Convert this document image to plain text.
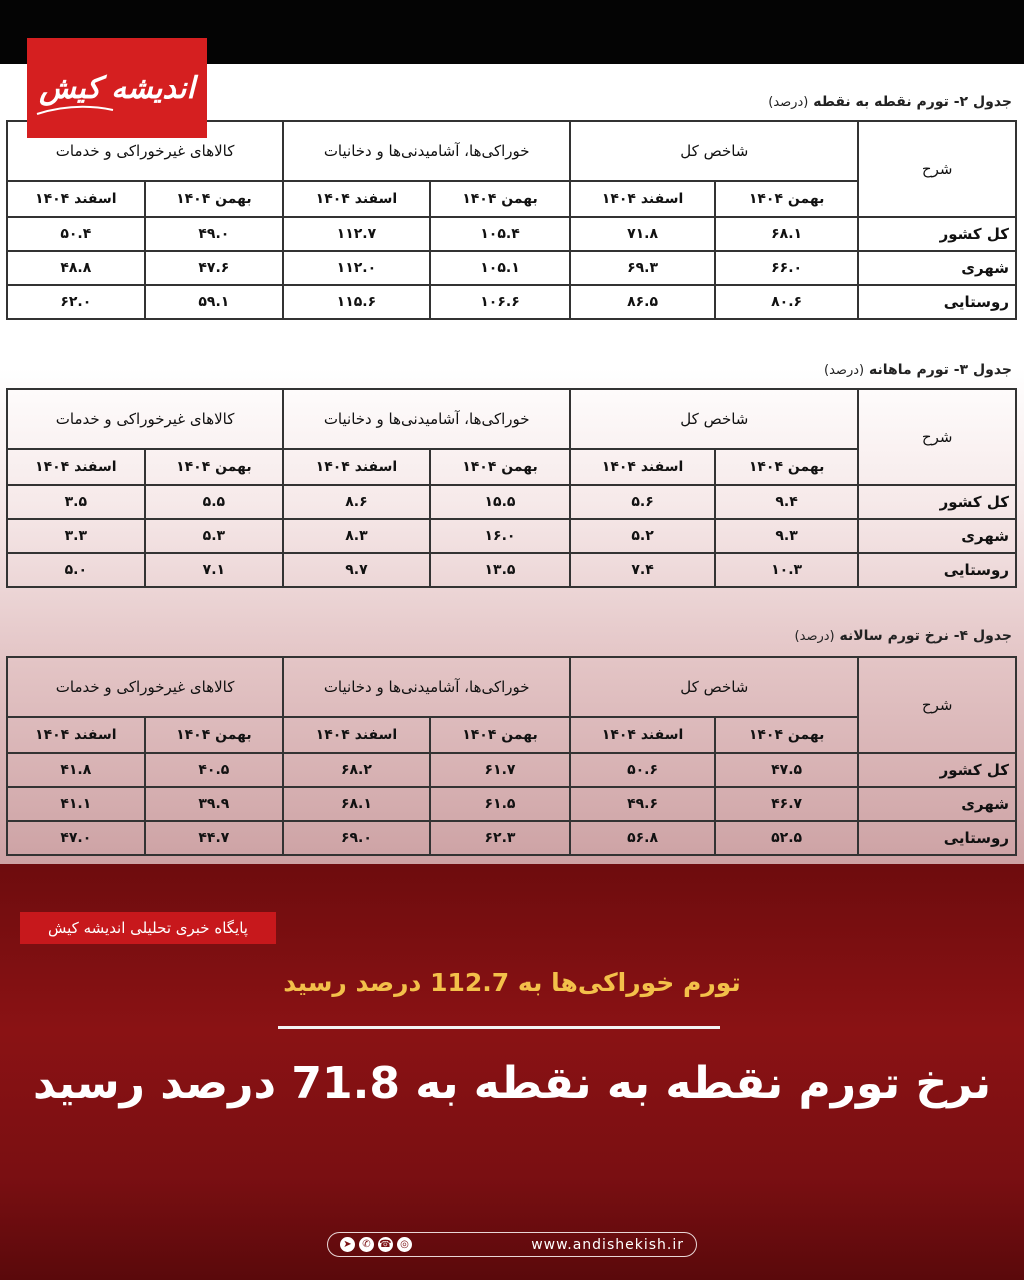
جدول ۲- تورم نقطه به نقطه (درصد)
جدول ۳- تورم ماهانه (درصد)
جدول ۴- نرخ تورم سالانه (درصد)
شرح	شاخص کل		خوراکی‌ها، آشامیدنی‌ها و دخانیات		کالاهای غیرخوراکی و خدمات	
	بهمن ۱۴۰۴	اسفند ۱۴۰۴	بهمن ۱۴۰۴	اسفند ۱۴۰۴	بهمن ۱۴۰۴	اسفند ۱۴۰۴
کل کشور	۶۸.۱	۷۱.۸	۱۰۵.۴	۱۱۲.۷	۴۹.۰	۵۰.۴
شهری	۶۶.۰	۶۹.۳	۱۰۵.۱	۱۱۲.۰	۴۷.۶	۴۸.۸
روستایی	۸۰.۶	۸۶.۵	۱۰۶.۶	۱۱۵.۶	۵۹.۱	۶۲.۰
شرح	شاخص کل		خوراکی‌ها، آشامیدنی‌ها و دخانیات		کالاهای غیرخوراکی و خدمات	
	بهمن ۱۴۰۴	اسفند ۱۴۰۴	بهمن ۱۴۰۴	اسفند ۱۴۰۴	بهمن ۱۴۰۴	اسفند ۱۴۰۴
کل کشور	۹.۴	۵.۶	۱۵.۵	۸.۶	۵.۵	۳.۵
شهری	۹.۳	۵.۲	۱۶.۰	۸.۳	۵.۳	۳.۳
روستایی	۱۰.۳	۷.۴	۱۳.۵	۹.۷	۷.۱	۵.۰
شرح	شاخص کل		خوراکی‌ها، آشامیدنی‌ها و دخانیات		کالاهای غیرخوراکی و خدمات	
	بهمن ۱۴۰۴	اسفند ۱۴۰۴	بهمن ۱۴۰۴	اسفند ۱۴۰۴	بهمن ۱۴۰۴	اسفند ۱۴۰۴
کل کشور	۴۷.۵	۵۰.۶	۶۱.۷	۶۸.۲	۴۰.۵	۴۱.۸
شهری	۴۶.۷	۴۹.۶	۶۱.۵	۶۸.۱	۳۹.۹	۴۱.۱
روستایی	۵۲.۵	۵۶.۸	۶۲.۳	۶۹.۰	۴۴.۷	۴۷.۰
اندیشه کیش
پایگاه خبری تحلیلی اندیشه کیش
تورم خوراکی‌ها به 112.7 درصد رسید
نرخ تورم نقطه به نقطه به 71.8 درصد رسید
➤	✆ ☎ ◎	www.andishekish.ir
